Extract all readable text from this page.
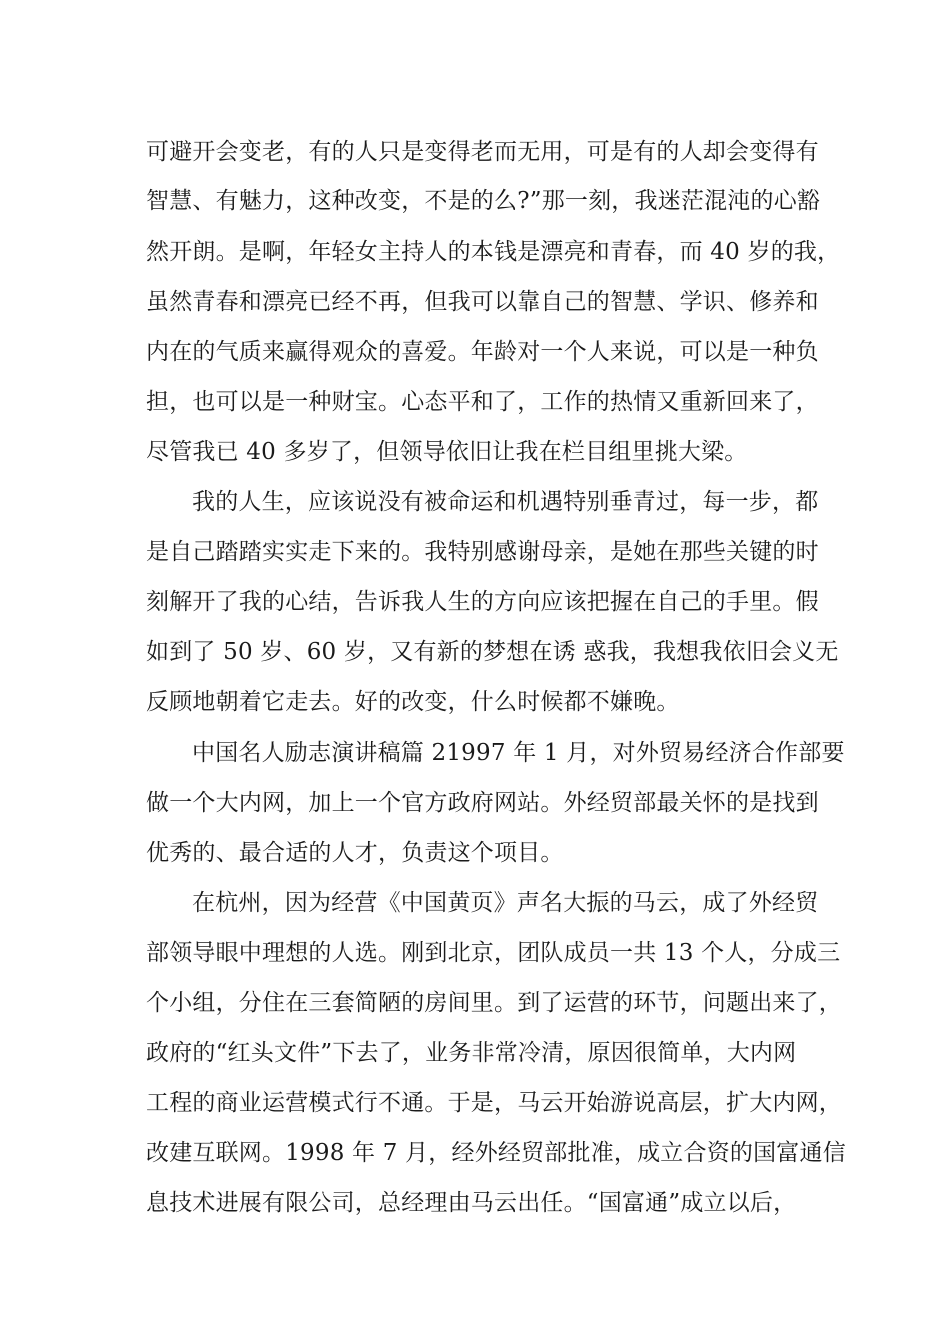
可避开会变老，有的人只是变得老而无用，可是有的人却会变得有
智慧、有魅力，这种改变，不是的么?”那一刻，我迷茫混沌的心豁
然开朗。是啊，年轻女主持人的本钱是漂亮和青春，而 40 岁的我，
虽然青春和漂亮已经不再，但我可以靠自己的智慧、学识、修养和
内在的气质来赢得观众的喜爱。年龄对一个人来说，可以是一种负
担，也可以是一种财宝。心态平和了，工作的热情又重新回来了，
尽管我已 40 多岁了，但领导依旧让我在栏目组里挑大梁。
我的人生，应该说没有被命运和机遇特别垂青过，每一步，都
是自己踏踏实实走下来的。我特别感谢母亲，是她在那些关键的时
刻解开了我的心结，告诉我人生的方向应该把握在自己的手里。假
如到了 50 岁、60 岁，又有新的梦想在诱 惑我，我想我依旧会义无
反顾地朝着它走去。好的改变，什么时候都不嫌晚。
中国名人励志演讲稿篇 21997 年 1 月，对外贸易经济合作部要
做一个大内网，加上一个官方政府网站。外经贸部最关怀的是找到
优秀的、最合适的人才，负责这个项目。
在杭州，因为经营《中国黄页》声名大振的马云，成了外经贸
部领导眼中理想的人选。刚到北京，团队成员一共 13 个人，分成三
个小组，分住在三套简陋的房间里。到了运营的环节，问题出来了，
政府的“红头文件”下去了，业务非常冷清，原因很简单，大内网
工程的商业运营模式行不通。于是，马云开始游说高层，扩大内网，
改建互联网。1998 年 7 月，经外经贸部批准，成立合资的国富通信
息技术进展有限公司，总经理由马云出任。“国富通”成立以后，
